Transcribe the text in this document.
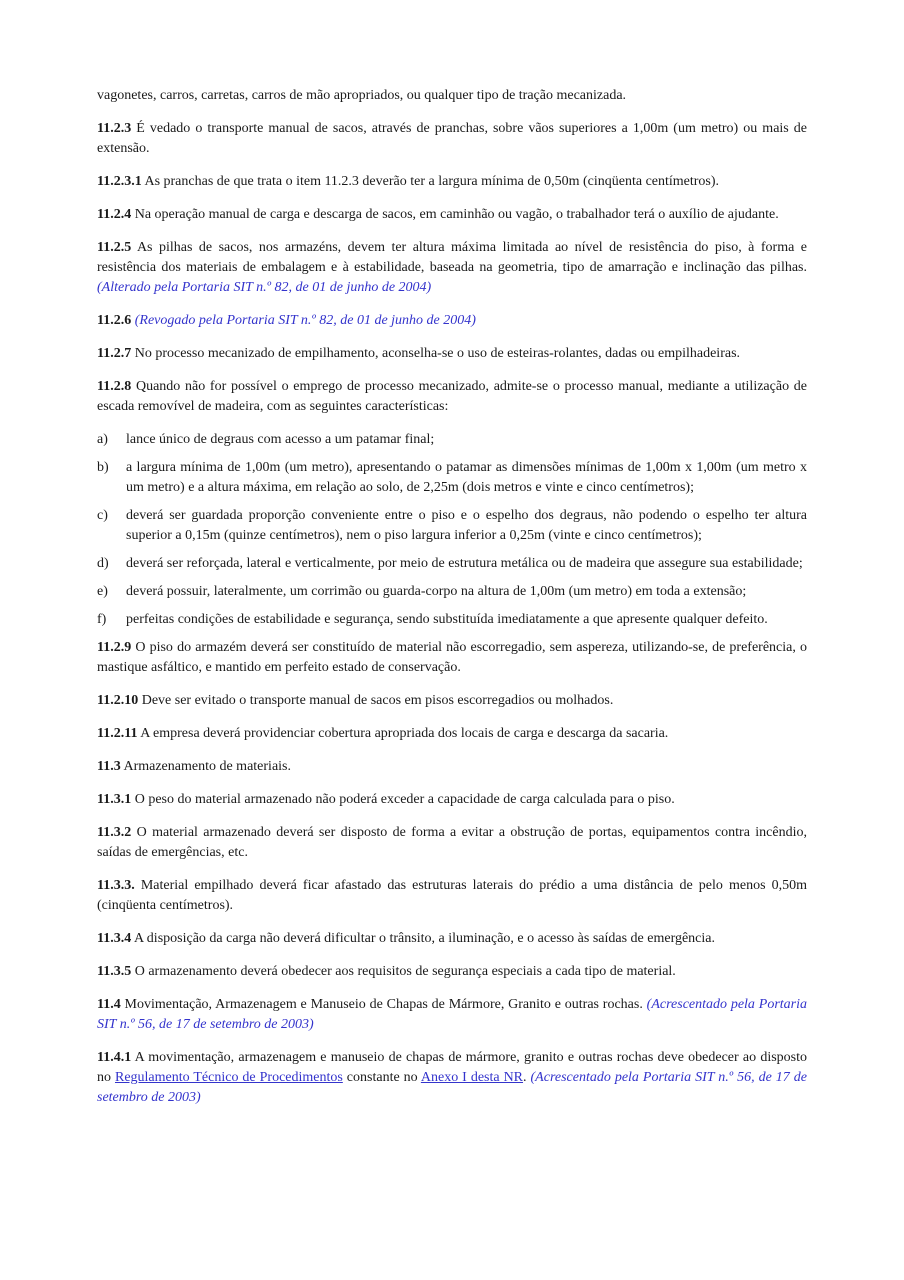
vagonetes, carros, carretas, carros de mão apropriados, ou qualquer tipo de tração mecanizada.
11.2.3 É vedado o transporte manual de sacos, através de pranchas, sobre vãos superiores a 1,00m (um metro) ou mais de extensão.
11.2.3.1 As pranchas de que trata o item 11.2.3 deverão ter a largura mínima de 0,50m (cinqüenta centímetros).
11.2.4 Na operação manual de carga e descarga de sacos, em caminhão ou vagão, o trabalhador terá o auxílio de ajudante.
11.2.5 As pilhas de sacos, nos armazéns, devem ter altura máxima limitada ao nível de resistência do piso, à forma e resistência dos materiais de embalagem e à estabilidade, baseada na geometria, tipo de amarração e inclinação das pilhas. (Alterado pela Portaria SIT n.º 82, de 01 de junho de 2004)
11.2.6 (Revogado pela Portaria SIT n.º 82, de 01 de junho de 2004)
11.2.7 No processo mecanizado de empilhamento, aconselha-se o uso de esteiras-rolantes, dadas ou empilhadeiras.
11.2.8 Quando não for possível o emprego de processo mecanizado, admite-se o processo manual, mediante a utilização de escada removível de madeira, com as seguintes características:
a) lance único de degraus com acesso a um patamar final;
b) a largura mínima de 1,00m (um metro), apresentando o patamar as dimensões mínimas de 1,00m x 1,00m (um metro x um metro) e a altura máxima, em relação ao solo, de 2,25m (dois metros e vinte e cinco centímetros);
c) deverá ser guardada proporção conveniente entre o piso e o espelho dos degraus, não podendo o espelho ter altura superior a 0,15m (quinze centímetros), nem o piso largura inferior a 0,25m (vinte e cinco centímetros);
d) deverá ser reforçada, lateral e verticalmente, por meio de estrutura metálica ou de madeira que assegure sua estabilidade;
e) deverá possuir, lateralmente, um corrimão ou guarda-corpo na altura de 1,00m (um metro) em toda a extensão;
f) perfeitas condições de estabilidade e segurança, sendo substituída imediatamente a que apresente qualquer defeito.
11.2.9 O piso do armazém deverá ser constituído de material não escorregadio, sem aspereza, utilizando-se, de preferência, o mastique asfáltico, e mantido em perfeito estado de conservação.
11.2.10 Deve ser evitado o transporte manual de sacos em pisos escorregadios ou molhados.
11.2.11 A empresa deverá providenciar cobertura apropriada dos locais de carga e descarga da sacaria.
11.3 Armazenamento de materiais.
11.3.1 O peso do material armazenado não poderá exceder a capacidade de carga calculada para o piso.
11.3.2 O material armazenado deverá ser disposto de forma a evitar a obstrução de portas, equipamentos contra incêndio, saídas de emergências, etc.
11.3.3. Material empilhado deverá ficar afastado das estruturas laterais do prédio a uma distância de pelo menos 0,50m (cinqüenta centímetros).
11.3.4 A disposição da carga não deverá dificultar o trânsito, a iluminação, e o acesso às saídas de emergência.
11.3.5 O armazenamento deverá obedecer aos requisitos de segurança especiais a cada tipo de material.
11.4 Movimentação, Armazenagem e Manuseio de Chapas de Mármore, Granito e outras rochas. (Acrescentado pela Portaria SIT n.º 56, de 17 de setembro de 2003)
11.4.1 A movimentação, armazenagem e manuseio de chapas de mármore, granito e outras rochas deve obedecer ao disposto no Regulamento Técnico de Procedimentos constante no Anexo I desta NR. (Acrescentado pela Portaria SIT n.º 56, de 17 de setembro de 2003)
